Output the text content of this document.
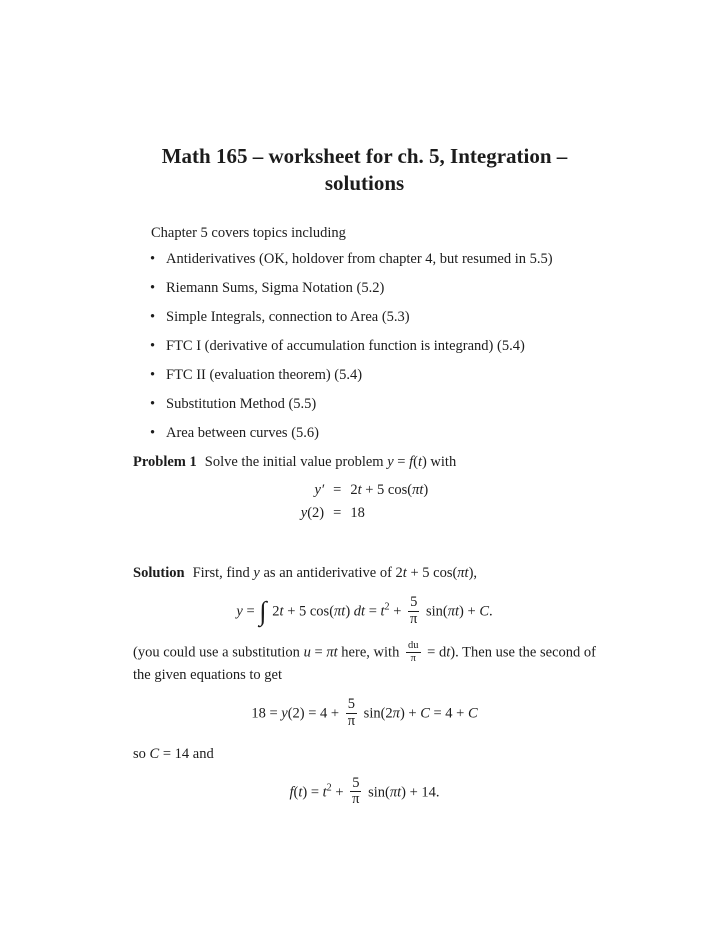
Math 165 – worksheet for ch. 5, Integration –
solutions

Chapter 5 covers topics including

• Antiderivatives (OK, holdover from chapter 4, but resumed in 5.5)
• Riemann Sums, Sigma Notation (5.2)
• Simple Integrals, connection to Area (5.3)
• FTC I (derivative of accumulation function is integrand) (5.4)
• FTC II (evaluation theorem) (5.4)
• Substitution Method (5.5)
• Area between curves (5.6)

Problem 1 Solve the initial value problem y = f(t) with

y′ = 2t + 5 cos(πt)
y(2) = 18

Solution First, find y as an antiderivative of 2t + 5 cos(πt),

y = ∫ 2t + 5 cos(πt) dt = $t^2 + \frac{5}{\pi} \sin(\pi t) + C$.

(you could use a substitution u = πt here, with $\frac{du}{\pi} = dt$). Then use the second of the given equations to get

$18 = y(2) = 4 + \frac{5}{\pi} \sin(2\pi) + C = 4 + C$

so C = 14 and

$f(t) = t^2 + \frac{5}{\pi} \sin(\pi t) + 14$.
